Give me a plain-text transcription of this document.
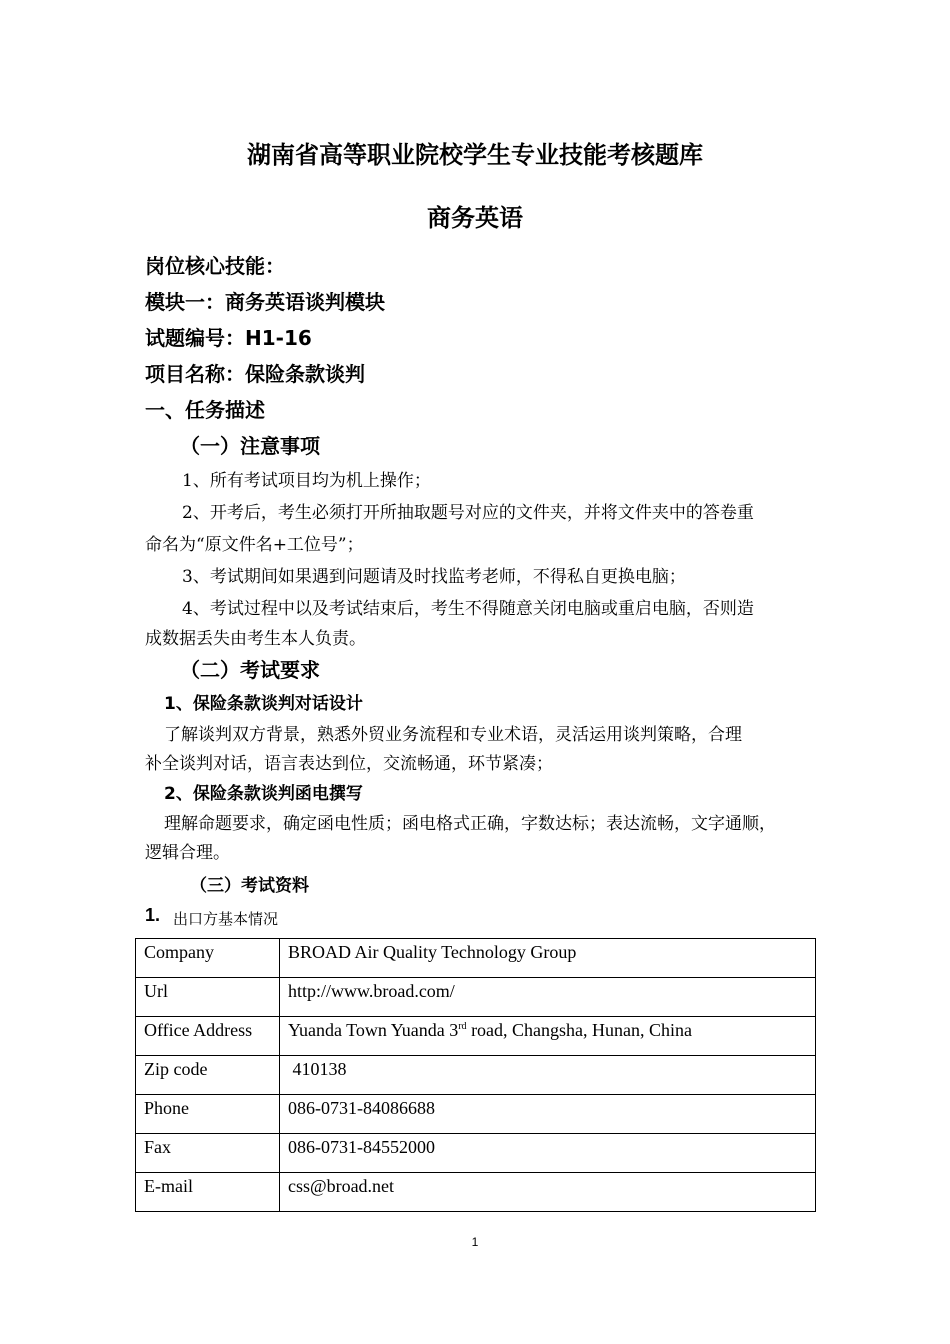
湖南省高等职业院校学生专业技能考核题库
商务英语
岗位核心技能：
模块一：商务英语谈判模块
试题编号：H1-16
项目名称：保险条款谈判
一、任务描述
（一）注意事项
1、所有考试项目均为机上操作；
2、开考后，考生必须打开所抽取题号对应的文件夹，并将文件夹中的答卷重
命名为“原文件名+工位号”；
3、考试期间如果遇到问题请及时找监考老师，不得私自更换电脑；
4、考试过程中以及考试结束后，考生不得随意关闭电脑或重启电脑，否则造
成数据丢失由考生本人负责。
（二）考试要求
1、保险条款谈判对话设计
了解谈判双方背景，熟悉外贸业务流程和专业术语，灵活运用谈判策略，合理
补全谈判对话，语言表达到位，交流畅通，环节紧凑；
2、保险条款谈判函电撰写
理解命题要求，确定函电性质；函电格式正确，字数达标；表达流畅，文字通顺，
逻辑合理。
（三）考试资料
1. 出口方基本情况
Company	BROAD Air Quality Technology Group
Url	http://www.broad.com/
Office Address	Yuanda Town Yuanda 3rd road, Changsha, Hunan, China
Zip code	410138
Phone	086-0731-84086688
Fax	086-0731-84552000
E-mail	css@broad.net
1
